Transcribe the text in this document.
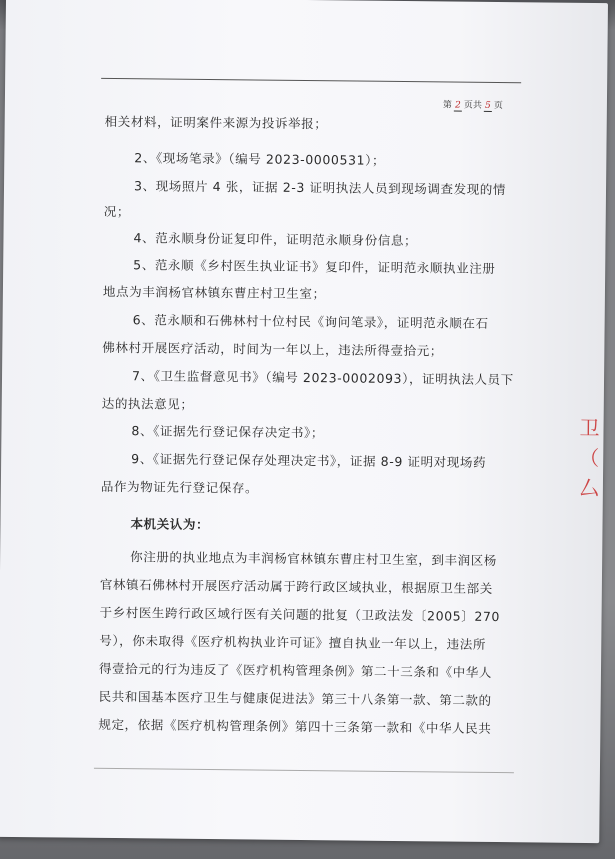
第 2 页共 5 页
相关材料，证明案件来源为投诉举报；
2、《现场笔录》（编号 2023-0000531）；
3、现场照片 4 张，证据 2-3 证明执法人员到现场调查发现的情
况；
4、范永顺身份证复印件，证明范永顺身份信息；
5、范永顺《乡村医生执业证书》复印件，证明范永顺执业注册
地点为丰润杨官林镇东曹庄村卫生室；
6、范永顺和石佛林村十位村民《询问笔录》，证明范永顺在石
佛林村开展医疗活动，时间为一年以上，违法所得壹拾元；
7、《卫生监督意见书》（编号 2023-0002093），证明执法人员下
达的执法意见；
8、《证据先行登记保存决定书》；
9、《证据先行登记保存处理决定书》，证据 8-9 证明对现场药
品作为物证先行登记保存。
本机关认为：
你注册的执业地点为丰润杨官林镇东曹庄村卫生室，到丰润区杨
官林镇石佛林村开展医疗活动属于跨行政区域执业，根据原卫生部关
于乡村医生跨行政区域行医有关问题的批复（卫政法发〔2005〕270
号），你未取得《医疗机构执业许可证》擅自执业一年以上，违法所
得壹拾元的行为违反了《医疗机构管理条例》第二十三条和《中华人
民共和国基本医疗卫生与健康促进法》第三十八条第一款、第二款的
规定，依据《医疗机构管理条例》第四十三条第一款和《中华人民共
卫
（
厶
